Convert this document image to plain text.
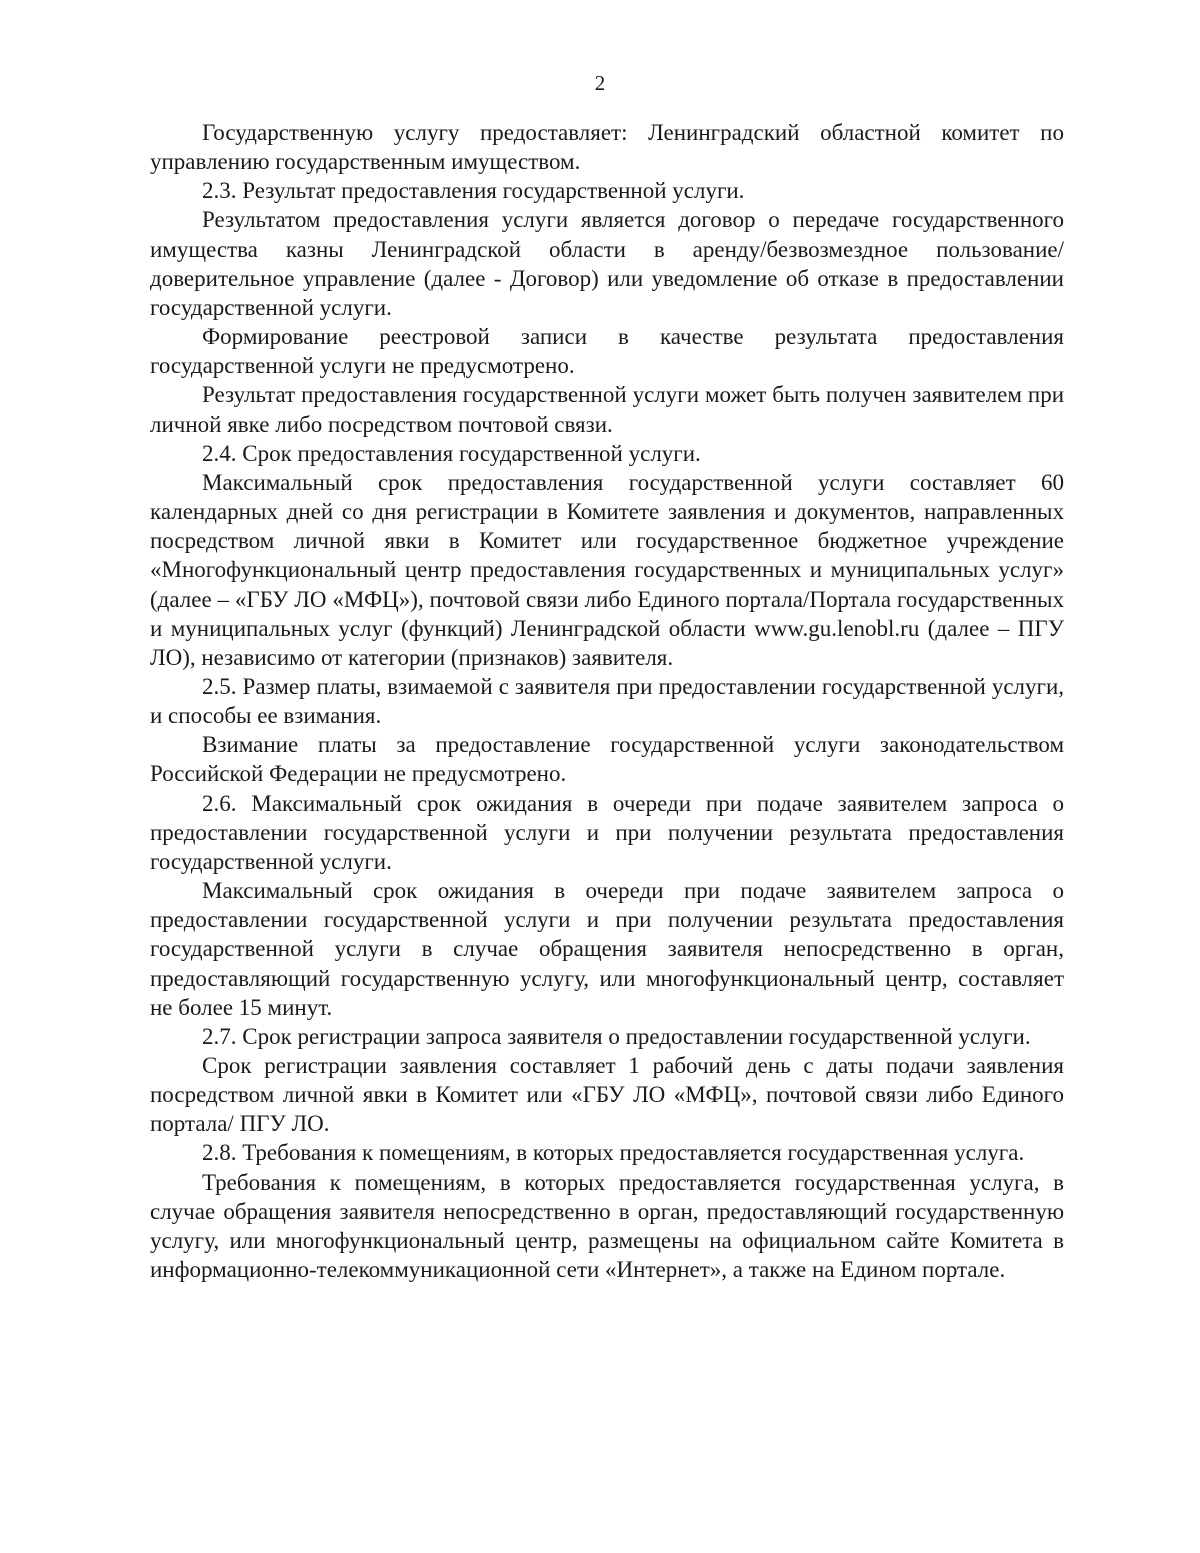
2

Государственную услугу предоставляет: Ленинградский областной комитет по управлению государственным имуществом.

2.3. Результат предоставления государственной услуги.

Результатом предоставления услуги является договор о передаче государственного имущества казны Ленинградской области в аренду/безвозмездное пользование/доверительное управление (далее - Договор) или уведомление об отказе в предоставлении государственной услуги.

Формирование реестровой записи в качестве результата предоставления государственной услуги не предусмотрено.

Результат предоставления государственной услуги может быть получен заявителем при личной явке либо посредством почтовой связи.

2.4. Срок предоставления государственной услуги.

Максимальный срок предоставления государственной услуги составляет 60 календарных дней со дня регистрации в Комитете заявления и документов, направленных посредством личной явки в Комитет или государственное бюджетное учреждение «Многофункциональный центр предоставления государственных и муниципальных услуг» (далее – «ГБУ ЛО «МФЦ»), почтовой связи либо Единого портала/Портала государственных и муниципальных услуг (функций) Ленинградской области www.gu.lenobl.ru (далее – ПГУ ЛО), независимо от категории (признаков) заявителя.

2.5. Размер платы, взимаемой с заявителя при предоставлении государственной услуги, и способы ее взимания.

Взимание платы за предоставление государственной услуги законодательством Российской Федерации не предусмотрено.

2.6. Максимальный срок ожидания в очереди при подаче заявителем запроса о предоставлении государственной услуги и при получении результата предоставления государственной услуги.

Максимальный срок ожидания в очереди при подаче заявителем запроса о предоставлении государственной услуги и при получении результата предоставления государственной услуги в случае обращения заявителя непосредственно в орган, предоставляющий государственную услугу, или многофункциональный центр, составляет не более 15 минут.

2.7. Срок регистрации запроса заявителя о предоставлении государственной услуги.

Срок регистрации заявления составляет 1 рабочий день с даты подачи заявления посредством личной явки в Комитет или «ГБУ ЛО «МФЦ», почтовой связи либо Единого портала/ ПГУ ЛО.

2.8. Требования к помещениям, в которых предоставляется государственная услуга.

Требования к помещениям, в которых предоставляется государственная услуга, в случае обращения заявителя непосредственно в орган, предоставляющий государственную услугу, или многофункциональный центр, размещены на официальном сайте Комитета в информационно-телекоммуникационной сети «Интернет», а также на Едином портале.
